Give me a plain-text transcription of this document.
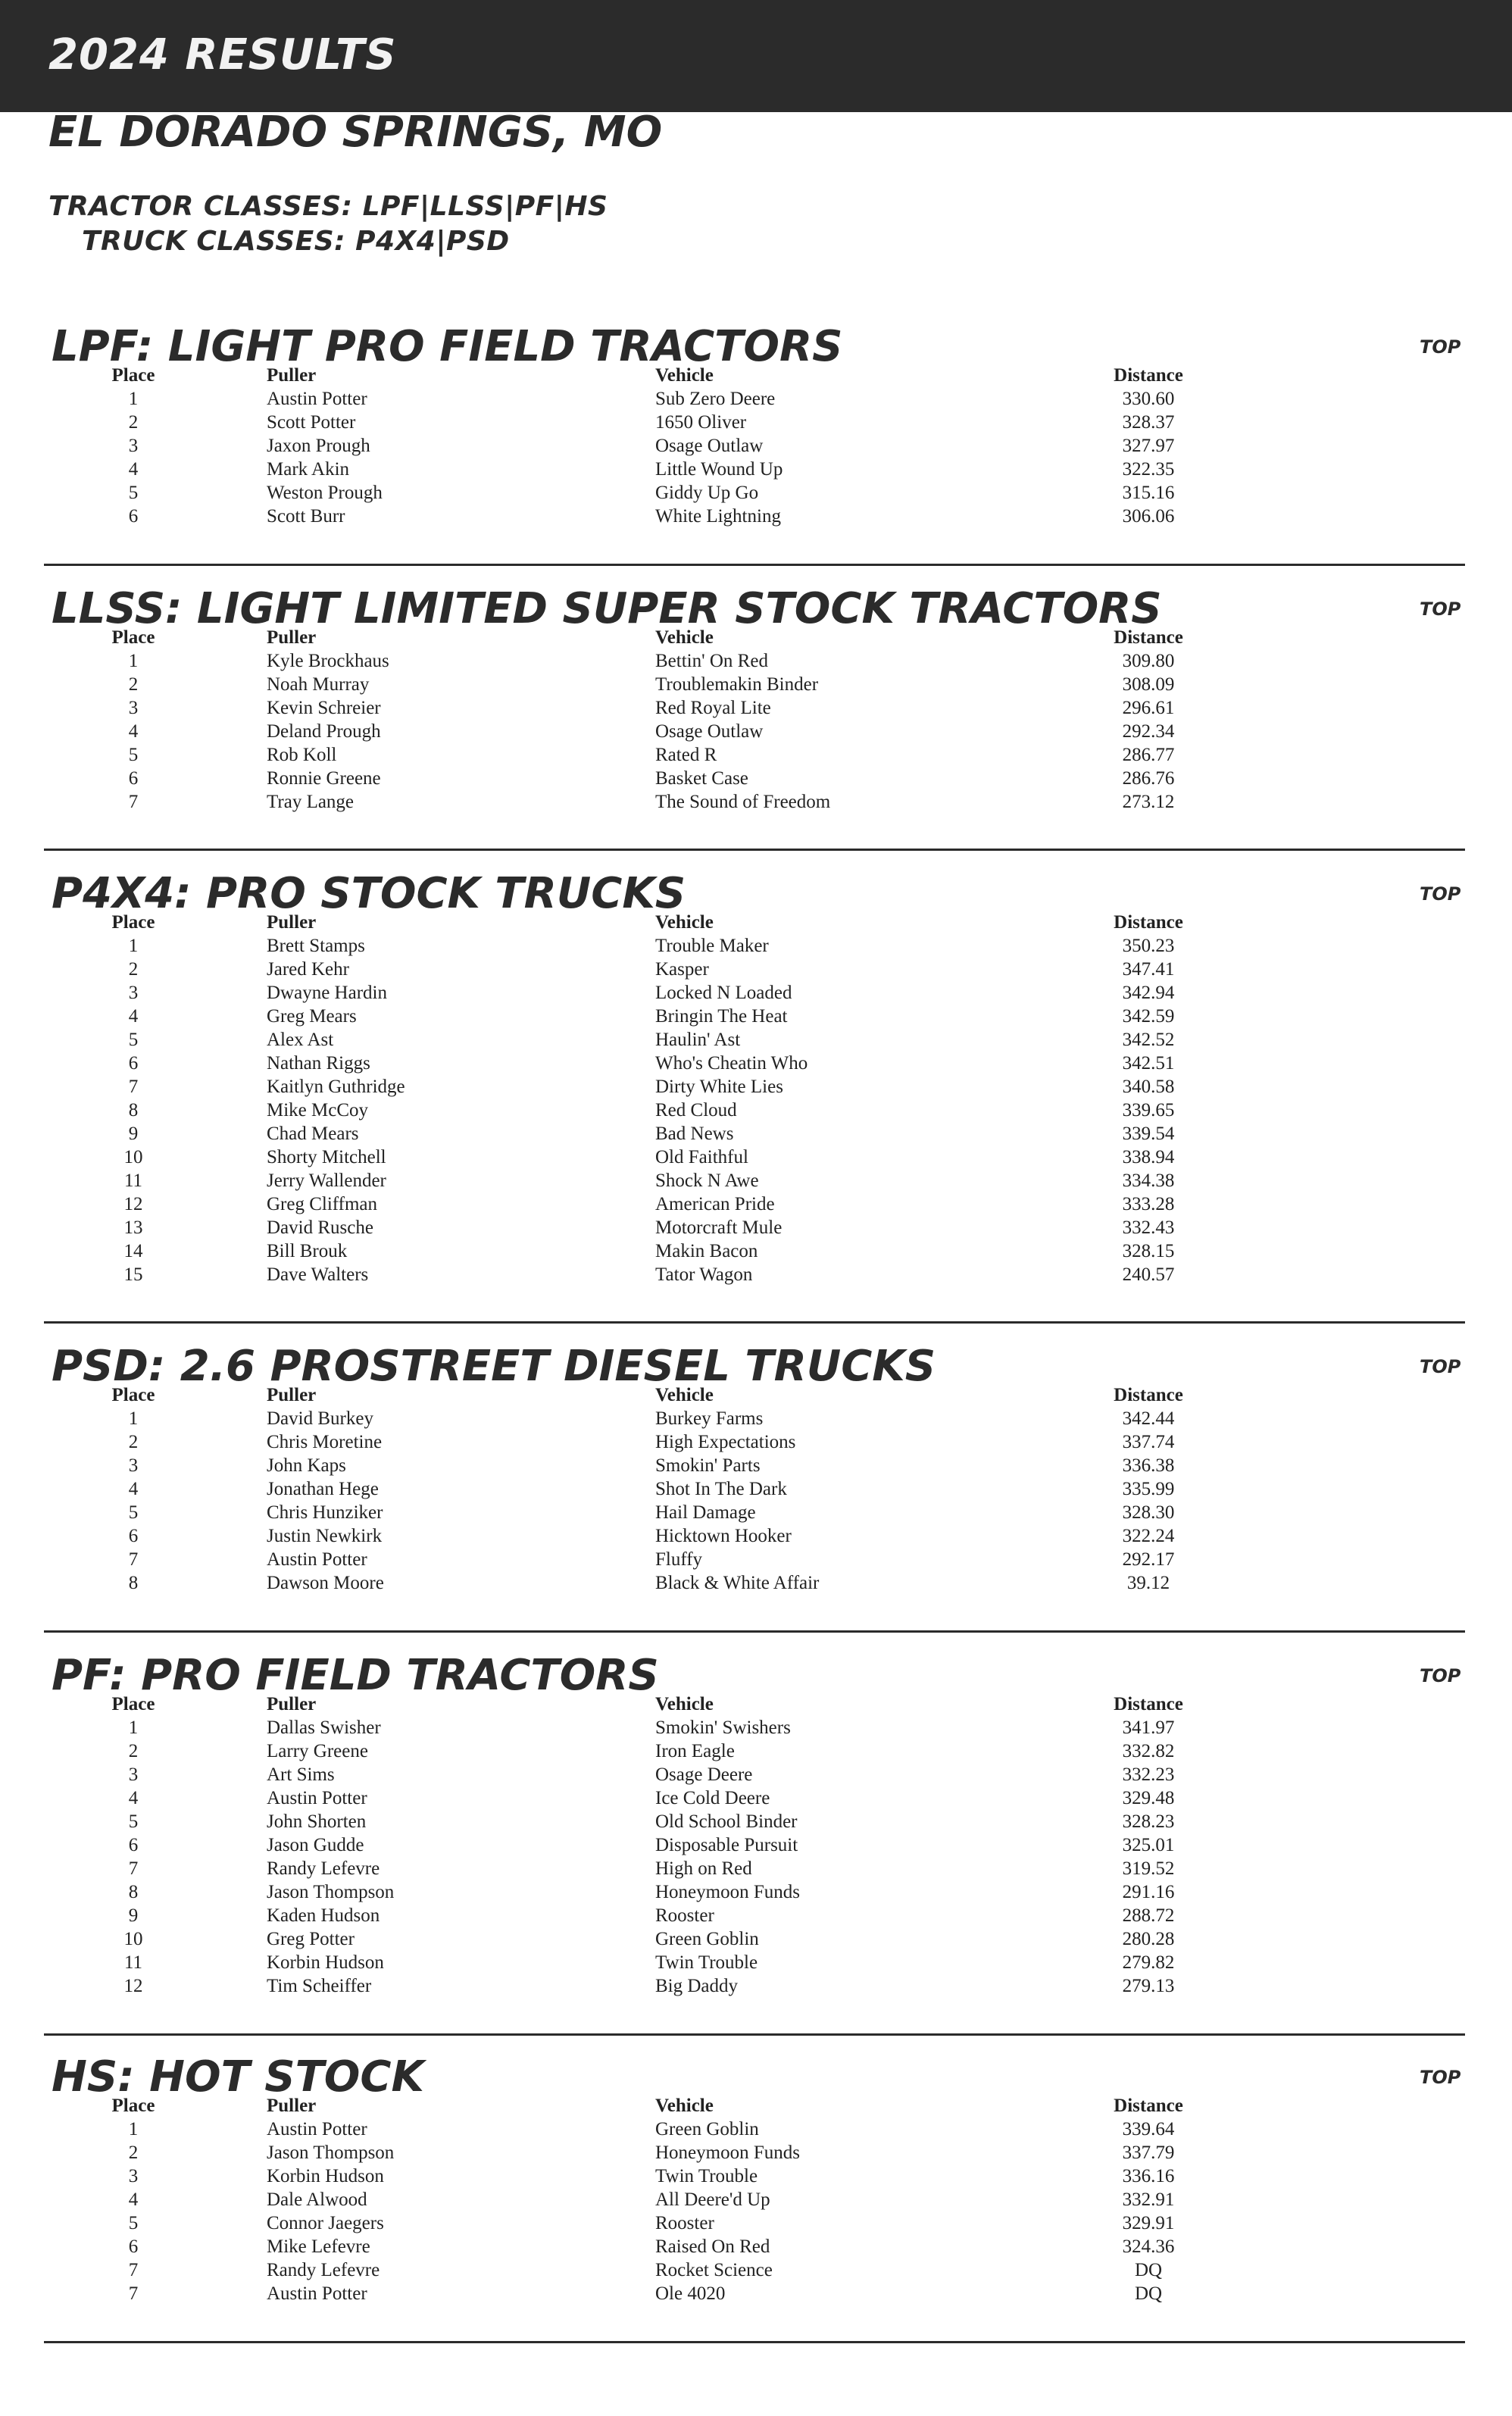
2024 RESULTS
EL DORADO SPRINGS, MO

TRACTOR CLASSES: LPF|LLSS|PF|HS

TRUCK CLASSES: P4X4|PSD

LPF: LIGHT PRO FIELD TRACTORS	TOP
Place	Puller	Vehicle	Distance
1	Austin Potter	Sub Zero Deere	330.60
2	Scott Potter	1650 Oliver	328.37
3	Jaxon Prough	Osage Outlaw	327.97
4	Mark Akin	Little Wound Up	322.35
5	Weston Prough	Giddy Up Go	315.16
6	Scott Burr	White Lightning	306.06
LLSS: LIGHT LIMITED SUPER STOCK TRACTORS	TOP
Place	Puller	Vehicle	Distance
1	Kyle Brockhaus	Bettin' On Red	309.80
2	Noah Murray	Troublemakin Binder	308.09
3	Kevin Schreier	Red Royal Lite	296.61
4	Deland Prough	Osage Outlaw	292.34
5	Rob Koll	Rated R	286.77
6	Ronnie Greene	Basket Case	286.76
7	Tray Lange	The Sound of Freedom	273.12
P4X4: PRO STOCK TRUCKS	TOP
Place	Puller	Vehicle	Distance
1	Brett Stamps	Trouble Maker	350.23
2	Jared Kehr	Kasper	347.41
3	Dwayne Hardin	Locked N Loaded	342.94
4	Greg Mears	Bringin The Heat	342.59
5	Alex Ast	Haulin' Ast	342.52
6	Nathan Riggs	Who's Cheatin Who	342.51
7	Kaitlyn Guthridge	Dirty White Lies	340.58
8	Mike McCoy	Red Cloud	339.65
9	Chad Mears	Bad News	339.54
10	Shorty Mitchell	Old Faithful	338.94
11	Jerry Wallender	Shock N Awe	334.38
12	Greg Cliffman	American Pride	333.28
13	David Rusche	Motorcraft Mule	332.43
14	Bill Brouk	Makin Bacon	328.15
15	Dave Walters	Tator Wagon	240.57
PSD: 2.6 PROSTREET DIESEL TRUCKS	TOP
Place	Puller	Vehicle	Distance
1	David Burkey	Burkey Farms	342.44
2	Chris Moretine	High Expectations	337.74
3	John Kaps	Smokin' Parts	336.38
4	Jonathan Hege	Shot In The Dark	335.99
5	Chris Hunziker	Hail Damage	328.30
6	Justin Newkirk	Hicktown Hooker	322.24
7	Austin Potter	Fluffy	292.17
8	Dawson Moore	Black & White Affair	39.12
PF: PRO FIELD TRACTORS	TOP
Place	Puller	Vehicle	Distance
1	Dallas Swisher	Smokin' Swishers	341.97
2	Larry Greene	Iron Eagle	332.82
3	Art Sims	Osage Deere	332.23
4	Austin Potter	Ice Cold Deere	329.48
5	John Shorten	Old School Binder	328.23
6	Jason Gudde	Disposable Pursuit	325.01
7	Randy Lefevre	High on Red	319.52
8	Jason Thompson	Honeymoon Funds	291.16
9	Kaden Hudson	Rooster	288.72
10	Greg Potter	Green Goblin	280.28
11	Korbin Hudson	Twin Trouble	279.82
12	Tim Scheiffer	Big Daddy	279.13
HS: HOT STOCK	TOP
Place	Puller	Vehicle	Distance
1	Austin Potter	Green Goblin	339.64
2	Jason Thompson	Honeymoon Funds	337.79
3	Korbin Hudson	Twin Trouble	336.16
4	Dale Alwood	All Deere'd Up	332.91
5	Connor Jaegers	Rooster	329.91
6	Mike Lefevre	Raised On Red	324.36
7	Randy Lefevre	Rocket Science	DQ
7	Austin Potter	Ole 4020	DQ
